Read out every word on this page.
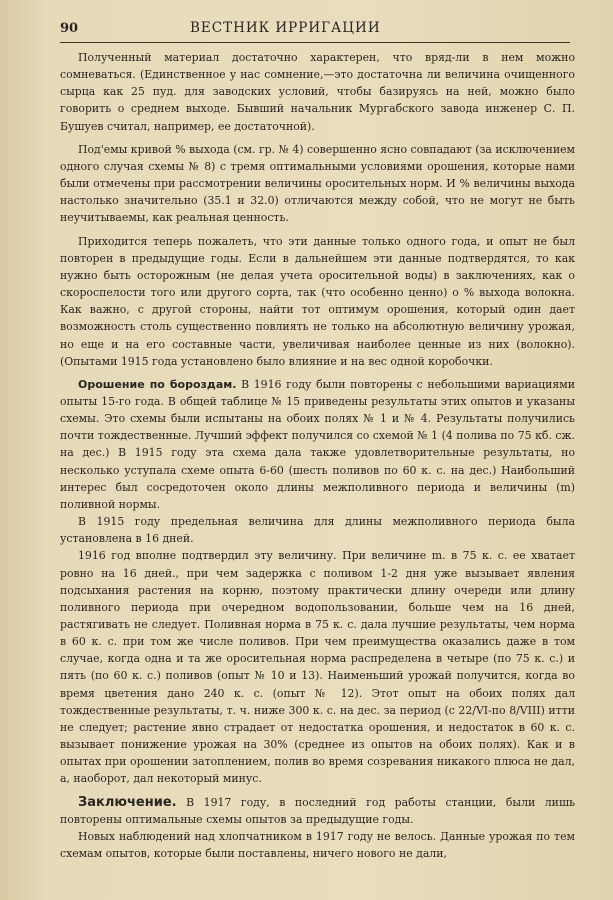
90	ВЕСТНИК ИРРИГАЦИИ

Полученный материал достаточно характерен, что вряд-ли в нем можно сомневаться. (Единственное у нас сомнение,—это достаточна ли величина очищенного сырца как 25 пуд. для заводских условий, чтобы базируясь на ней, можно было говорить о среднем выходе. Бывший начальник Мургабского завода инженер С. П. Бушуев считал, например, ее достаточной).

Под'емы кривой % выхода (см. гр. № 4) совершенно ясно совпадают (за исключением одного случая схемы № 8) с тремя оптимальными условиями орошения, которые нами были отмечены при рассмотрении величины оросительных норм. И % величины выхода настолько значительно (35.1 и 32.0) отличаются между собой, что не могут не быть неучитываемы, как реальная ценность.

Приходится теперь пожалеть, что эти данные только одного года, и опыт не был повторен в предыдущие годы. Если в дальнейшем эти данные подтвердятся, то как нужно быть осторожным (не делая учета оросительной воды) в заключениях, как о скороспелости того или другого сорта, так (что особенно ценно) о % выхода волокна. Как важно, с другой стороны, найти тот оптимум орошения, который один дает возможность столь существенно повлиять не только на абсолютную величину урожая, но еще и на его составные части, увеличивая наиболее ценные из них (волокно). (Опытами 1915 года установлено было влияние и на вес одной коробочки.

Орошение по бороздам. В 1916 году были повторены с небольшими вариациями опыты 15-го года. В общей таблице № 15 приведены результаты этих опытов и указаны схемы. Это схемы были испытаны на обоих полях № 1 и № 4. Результаты получились почти тождественные. Лучший эффект получился со схемой № 1 (4 полива по 75 кб. сж. на дес.) В 1915 году эта схема дала также удовлетворительные результаты, но несколько уступала схеме опыта 6-60 (шесть поливов по 60 к. с. на дес.) Наибольший интерес был сосредоточен около длины межполивного периода и величины (m) поливной нормы.

В 1915 году предельная величина для длины межполивного периода была установлена в 16 дней.

1916 год вполне подтвердил эту величину. При величине m. в 75 к. с. ее хватает ровно на 16 дней., при чем задержка с поливом 1-2 дня уже вызывает явления подсыхания растения на корню, поэтому практически длину очереди или длину поливного периода при очередном водопользовании, больше чем на 16 дней, растягивать не следует. Поливная норма в 75 к. с. дала лучшие результаты, чем норма в 60 к. с. при том же числе поливов. При чем преимущества оказались даже в том случае, когда одна и та же оросительная норма распределена в четыре (по 75 к. с.) и пять (по 60 к. с.) поливов (опыт № 10 и 13). Наименьший урожай получится, когда во время цветения дано 240 к. с. (опыт № 12). Этот опыт на обоих полях дал тождественные результаты, т. ч. ниже 300 к. с. на дес. за период (с 22/VI-по 8/VIII) итти не следует; растение явно страдает от недостатка орошения, и недостаток в 60 к. с. вызывает понижение урожая на 30% (среднее из опытов на обоих полях). Как и в опытах при орошении затоплением, полив во время созревания никакого плюса не дал, а, наоборот, дал некоторый минус.

Заключение. В 1917 году, в последний год работы станции, были лишь повторены оптимальные схемы опытов за предыдущие годы.

Новых наблюдений над хлопчатником в 1917 году не велось. Данные урожая по тем схемам опытов, которые были поставлены, ничего нового не дали,
